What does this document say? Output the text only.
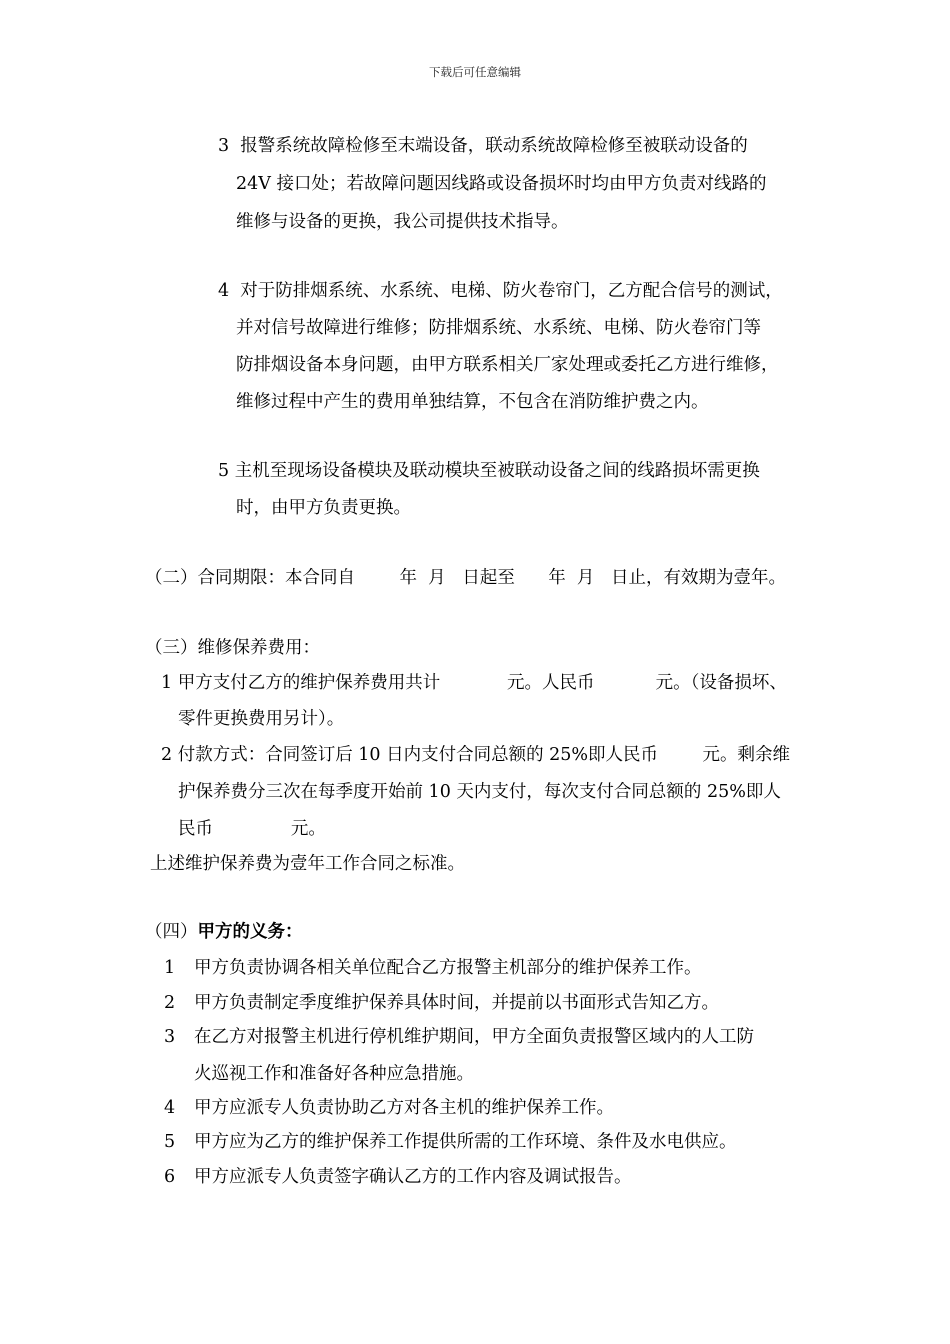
下载后可任意编辑
3  报警系统故障检修至末端设备，联动系统故障检修至被联动设备的
24V 接口处；若故障问题因线路或设备损坏时均由甲方负责对线路的
维修与设备的更换，我公司提供技术指导。
4  对于防排烟系统、水系统、电梯、防火卷帘门，乙方配合信号的测试，
并对信号故障进行维修；防排烟系统、水系统、电梯、防火卷帘门等
防排烟设备本身问题，由甲方联系相关厂家处理或委托乙方进行维修，
维修过程中产生的费用单独结算，不包含在消防维护费之内。
5 主机至现场设备模块及联动模块至被联动设备之间的线路损坏需更换
时，由甲方负责更换。
（二）合同期限：本合同自        年  月   日起至      年  月   日止，有效期为壹年。
（三）维修保养费用：
1 甲方支付乙方的维护保养费用共计            元。人民币           元。（设备损坏、
零件更换费用另计）。
2 付款方式：合同签订后 10 日内支付合同总额的 25%即人民币        元。剩余维
护保养费分三次在每季度开始前 10 天内支付，每次支付合同总额的 25%即人
民币              元。
上述维护保养费为壹年工作合同之标准。
（四）甲方的义务：
1 甲方负责协调各相关单位配合乙方报警主机部分的维护保养工作。
2 甲方负责制定季度维护保养具体时间，并提前以书面形式告知乙方。
3 在乙方对报警主机进行停机维护期间，甲方全面负责报警区域内的人工防
火巡视工作和准备好各种应急措施。
4 甲方应派专人负责协助乙方对各主机的维护保养工作。
5 甲方应为乙方的维护保养工作提供所需的工作环境、条件及水电供应。
6 甲方应派专人负责签字确认乙方的工作内容及调试报告。
